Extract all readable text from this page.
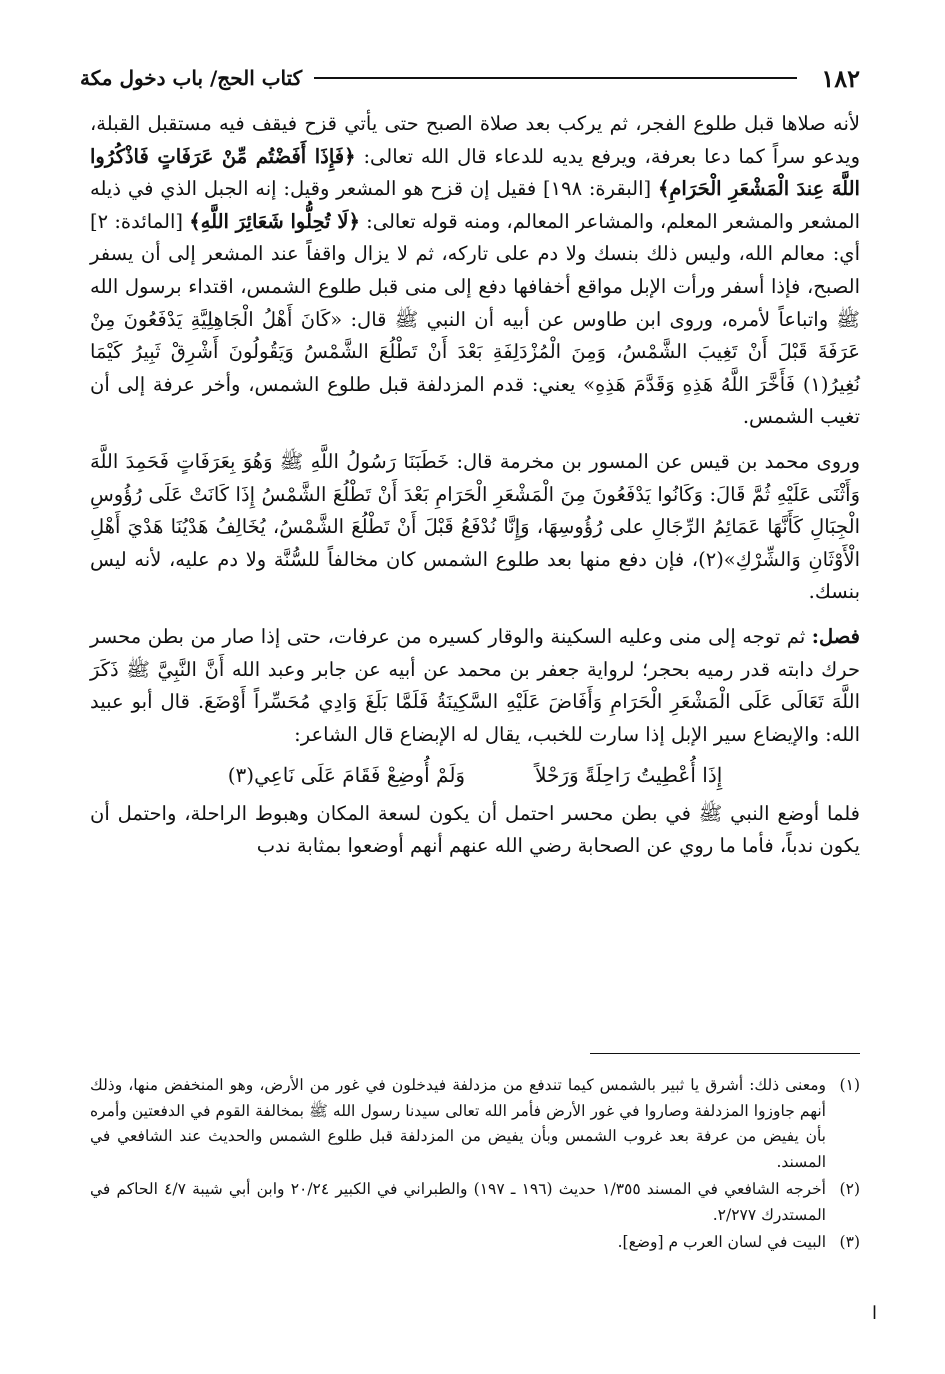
١٨٢
كتاب الحج/ باب دخول مكة

لأنه صلاها قبل طلوع الفجر، ثم يركب بعد صلاة الصبح حتى يأتي قزح فيقف فيه مستقبل القبلة، ويدعو سراً كما دعا بعرفة، ويرفع يديه للدعاء قال الله تعالى: ﴿فَإِذَا أَفَضْتُم مِّنْ عَرَفَاتٍ فَاذْكُرُوا اللَّهَ عِندَ الْمَشْعَرِ الْحَرَامِ﴾ [البقرة: ١٩٨] فقيل إن قزح هو المشعر وقيل: إنه الجبل الذي في ذيله المشعر والمشعر المعلم، والمشاعر المعالم، ومنه قوله تعالى: ﴿لَا تُحِلُّوا شَعَائِرَ اللَّهِ﴾ [المائدة: ٢] أي: معالم الله، وليس ذلك بنسك ولا دم على تاركه، ثم لا يزال واقفاً عند المشعر إلى أن يسفر الصبح، فإذا أسفر ورأت الإبل مواقع أخفافها دفع إلى منى قبل طلوع الشمس، اقتداء برسول الله ﷺ واتباعاً لأمره، وروى ابن طاوس عن أبيه أن النبي ﷺ قال: «كَانَ أَهْلُ الْجَاهِلِيَّةِ يَدْفَعُونَ مِنْ عَرَفَةَ قَبْلَ أَنْ تَغِيبَ الشَّمْسُ، وَمِنَ الْمُزْدَلِفَةِ بَعْدَ أَنْ تَطْلُعَ الشَّمْسُ وَيَقُولُونَ أَشْرِقْ ثَبِيرُ كَيْمَا نُغِيرُ(١) فَأَخَّرَ اللَّهُ هَذِهِ وَقَدَّمَ هَذِهِ» يعني: قدم المزدلفة قبل طلوع الشمس، وأخر عرفة إلى أن تغيب الشمس.

وروى محمد بن قيس عن المسور بن مخرمة قال: خَطَبَنَا رَسُولُ اللَّهِ ﷺ وَهُوَ بِعَرَفَاتٍ فَحَمِدَ اللَّهَ وَأَثْنَى عَلَيْهِ ثُمَّ قَالَ: وَكَانُوا يَدْفَعُونَ مِنَ الْمَشْعَرِ الْحَرَامِ بَعْدَ أَنْ تَطْلُعَ الشَّمْسُ إِذَا كَانَتْ عَلَى رُؤُوسِ الْجِبَالِ كَأَنَّهَا عَمَائِمُ الرِّجَالِ على رُؤُوسِهَا، وَإِنَّا نُدْفَعُ قَبْلَ أَنْ تَطْلُعَ الشَّمْسُ، يُخَالِفُ هَدْيُنَا هَدْيَ أَهْلِ الْأَوْثَانِ وَالشِّرْكِ»(٢)، فإن دفع منها بعد طلوع الشمس كان مخالفاً للسُّنَّة ولا دم عليه، لأنه ليس بنسك.

فصل: ثم توجه إلى منى وعليه السكينة والوقار كسيره من عرفات، حتى إذا صار من بطن محسر حرك دابته قدر رميه بحجر؛ لرواية جعفر بن محمد عن أبيه عن جابر وعبد الله أَنَّ النَّبِيَّ ﷺ ذَكَرَ اللَّهَ تَعَالَى عَلَى الْمَشْعَرِ الْحَرَامِ وَأَفَاضَ عَلَيْهِ السَّكِينَةُ فَلَمَّا بَلَغَ وَادِي مُحَسِّراً أَوْضَعَ. قال أبو عبيد الله: والإيضاع سير الإبل إذا سارت للخبب، يقال له الإبضاع قال الشاعر:

إِذَا أُعْطِيتُ رَاحِلَةً وَرَحْلاً
وَلَمْ أُوضِعْ فَقَامَ عَلَى نَاعِي(٣)

فلما أوضع النبي ﷺ في بطن محسر احتمل أن يكون لسعة المكان وهبوط الراحلة، واحتمل أن يكون ندباً، فأما ما روي عن الصحابة رضي الله عنهم أنهم أوضعوا بمثابة ندب

(١)
ومعنى ذلك: أشرق يا ثبير بالشمس كيما تندفع من مزدلفة فيدخلون في غور من الأرض، وهو المنخفض منها، وذلك أنهم جاوزوا المزدلفة وصاروا في غور الأرض فأمر الله تعالى سيدنا رسول الله ﷺ بمخالفة القوم في الدفعتين وأمره بأن يفيض من عرفة بعد غروب الشمس وبأن يفيض من المزدلفة قبل طلوع الشمس والحديث عند الشافعي في المسند.
(٢)
أخرجه الشافعي في المسند ١/٣٥٥ حديث (١٩٦ ـ ١٩٧) والطبراني في الكبير ٢٠/٢٤ وابن أبي شيبة ٤/٧ الحاكم في المستدرك ٢/٢٧٧.
(٣)
البيت في لسان العرب م [وضع].
ا
